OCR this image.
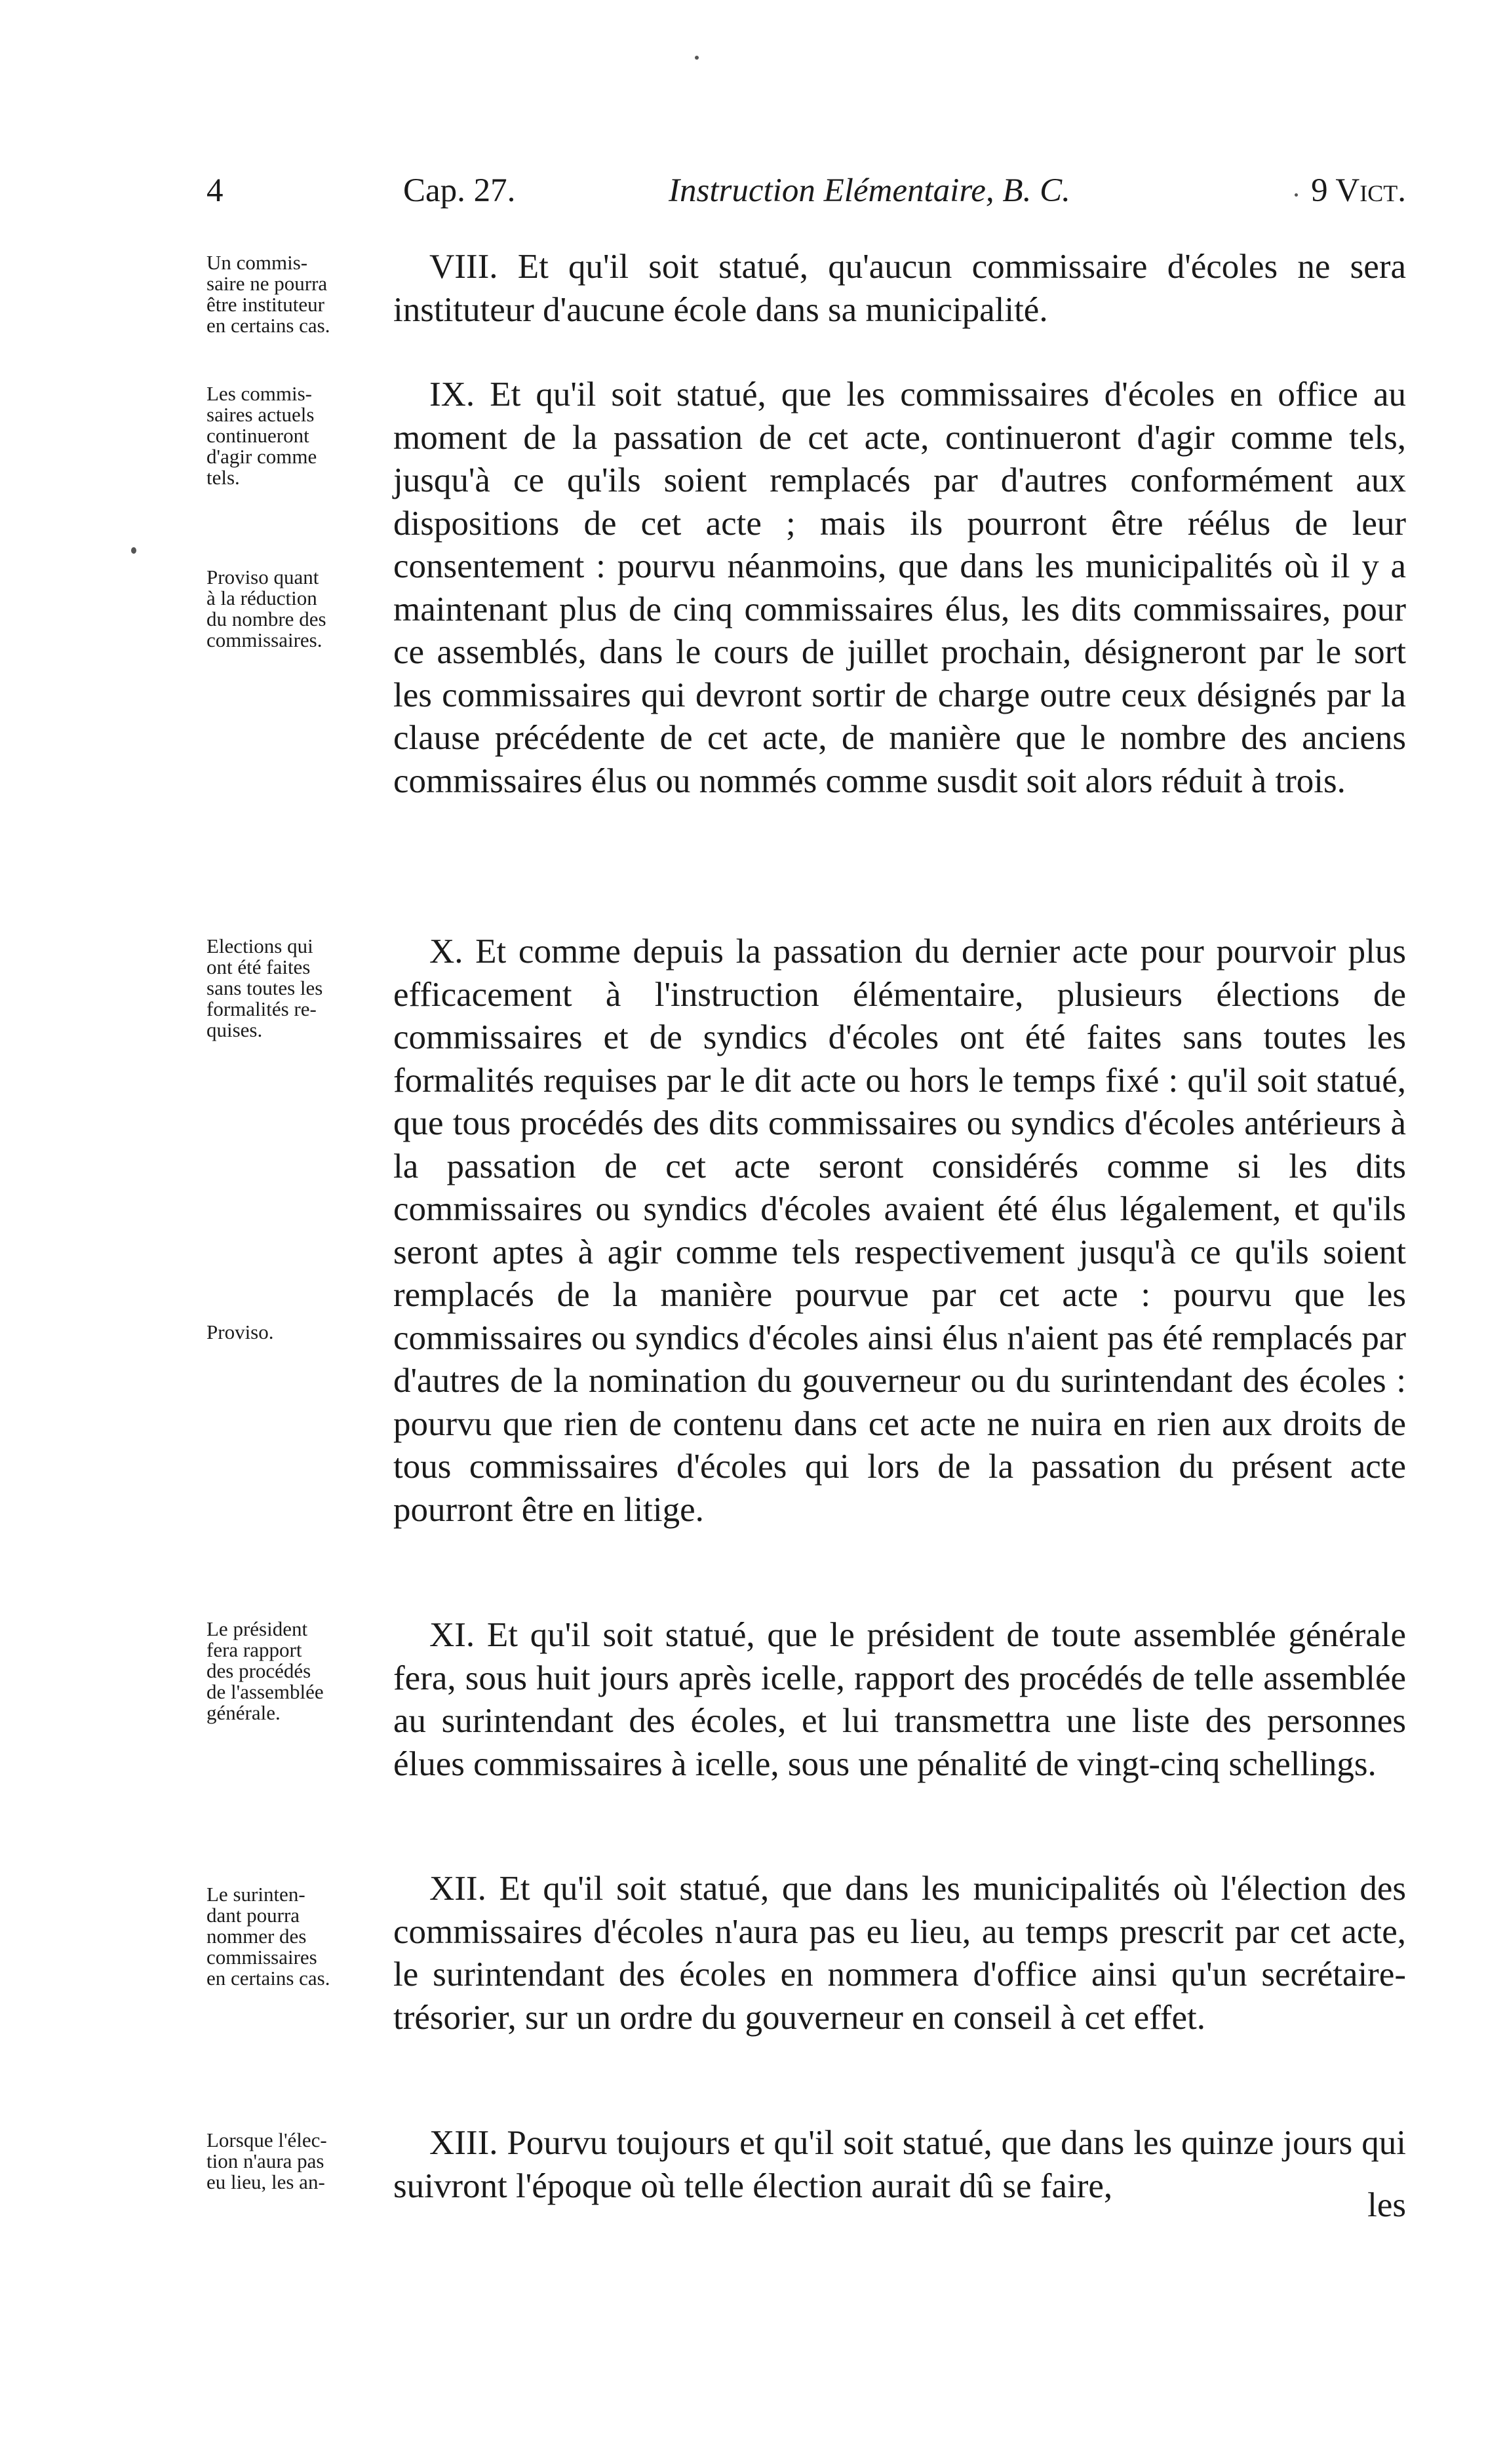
4	Cap. 27.	Instruction Elémentaire, B. C.	9 Vict.
Un commis-
saire ne pourra
être instituteur
en certains cas.
Les commis-
saires actuels
continueront
d'agir comme
tels.
Proviso quant
à la réduction
du nombre des
commissaires.
Elections qui
ont été faites
sans toutes les
formalités re-
quises.
Proviso.
Le président
fera rapport
des procédés
de l'assemblée
générale.
Le surinten-
dant pourra
nommer des
commissaires
en certains cas.
Lorsque l'élec-
tion n'aura pas
eu lieu, les an-
VIII. Et qu'il soit statué, qu'aucun commissaire d'écoles ne sera instituteur d'aucune école dans sa municipalité.
IX. Et qu'il soit statué, que les commissaires d'écoles en office au moment de la passation de cet acte, continueront d'agir comme tels, jusqu'à ce qu'ils soient remplacés par d'autres conformément aux dispositions de cet acte ; mais ils pourront être réélus de leur consentement : pourvu néanmoins, que dans les municipalités où il y a maintenant plus de cinq commissaires élus, les dits commissaires, pour ce assemblés, dans le cours de juillet prochain, désigneront par le sort les commissaires qui devront sortir de charge outre ceux désignés par la clause précédente de cet acte, de manière que le nombre des anciens commissaires élus ou nommés comme susdit soit alors réduit à trois.
X. Et comme depuis la passation du dernier acte pour pourvoir plus efficacement à l'instruction élémentaire, plusieurs élections de commissaires et de syndics d'écoles ont été faites sans toutes les formalités requises par le dit acte ou hors le temps fixé : qu'il soit statué, que tous procédés des dits commissaires ou syndics d'écoles antérieurs à la passation de cet acte seront considérés comme si les dits commissaires ou syndics d'écoles avaient été élus légalement, et qu'ils seront aptes à agir comme tels respectivement jusqu'à ce qu'ils soient remplacés de la manière pourvue par cet acte : pourvu que les commissaires ou syndics d'écoles ainsi élus n'aient pas été remplacés par d'autres de la nomination du gouverneur ou du surintendant des écoles : pourvu que rien de contenu dans cet acte ne nuira en rien aux droits de tous commissaires d'écoles qui lors de la passation du présent acte pourront être en litige.
XI. Et qu'il soit statué, que le président de toute assemblée générale fera, sous huit jours après icelle, rapport des procédés de telle assemblée au surintendant des écoles, et lui transmettra une liste des personnes élues commissaires à icelle, sous une pénalité de vingt-cinq schellings.
XII. Et qu'il soit statué, que dans les municipalités où l'élection des commissaires d'écoles n'aura pas eu lieu, au temps prescrit par cet acte, le surintendant des écoles en nommera d'office ainsi qu'un secrétaire-trésorier, sur un ordre du gouverneur en conseil à cet effet.
XIII. Pourvu toujours et qu'il soit statué, que dans les quinze jours qui suivront l'époque où telle élection aurait dû se faire,
les
